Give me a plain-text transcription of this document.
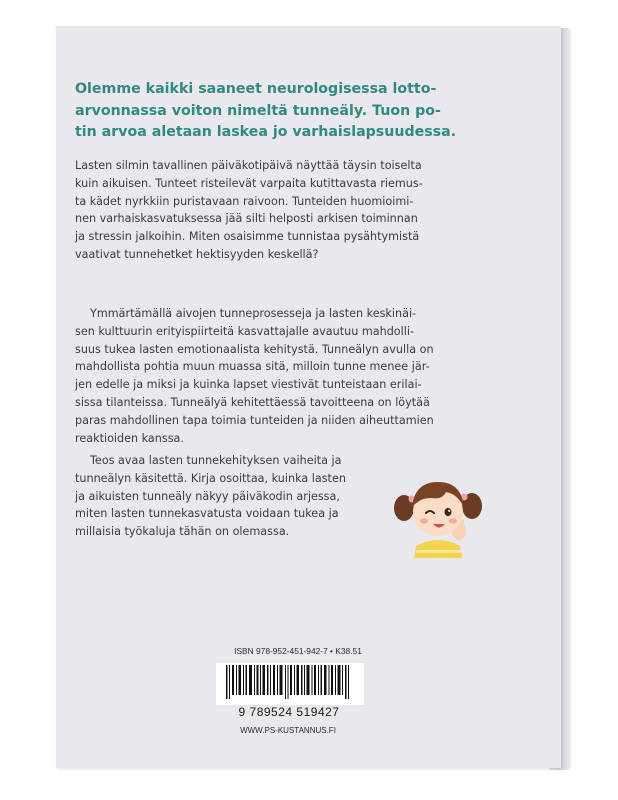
Olemme kaikki saaneet neurologisessa lotto-
arvonnassa voiton nimeltä tunneäly. Tuon po-
tin arvoa aletaan laskea jo varhaislapsuudessa.
Lasten silmin tavallinen päiväkotipäivä näyttää täysin toiselta
kuin aikuisen. Tunteet risteilevät varpaita kutittavasta riemus-
ta kädet nyrkkiin puristavaan raivoon. Tunteiden huomioimi-
nen varhaiskasvatuksessa jää silti helposti arkisen toiminnan
ja stressin jalkoihin. Miten osaisimme tunnistaa pysähtymistä
vaativat tunnehetket hektisyyden keskellä?
Ymmärtämällä aivojen tunneprosesseja ja lasten keskinäi-
sen kulttuurin erityispiirteitä kasvattajalle avautuu mahdolli-
suus tukea lasten emotionaalista kehitystä. Tunneälyn avulla on
mahdollista pohtia muun muassa sitä, milloin tunne menee jär-
jen edelle ja miksi ja kuinka lapset viestivät tunteistaan erilai-
sissa tilanteissa. Tunneälyä kehitettäessä tavoitteena on löytää
paras mahdollinen tapa toimia tunteiden ja niiden aiheuttamien
reaktioiden kanssa.
Teos avaa lasten tunnekehityksen vaiheita ja
tunneälyn käsitettä. Kirja osoittaa, kuinka lasten
ja aikuisten tunneäly näkyy päiväkodin arjessa,
miten lasten tunnekasvatusta voidaan tukea ja
millaisia työkaluja tähän on olemassa.
ISBN 978-952-451-942-7 • K38.51
9 789524 519427
WWW.PS-KUSTANNUS.FI
